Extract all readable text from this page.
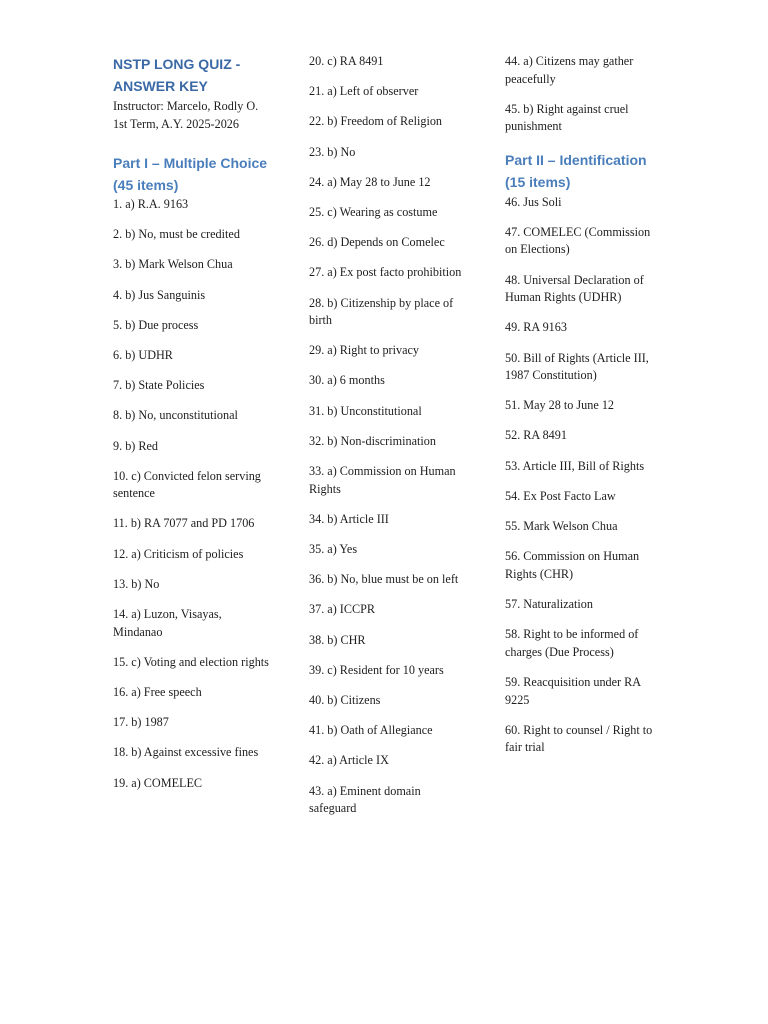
NSTP LONG QUIZ - ANSWER KEY

Instructor: Marcelo, Rodly O.

1st Term, A.Y. 2025-2026

Part I – Multiple Choice (45 items)
1. a) R.A. 9163
2. b) No, must be credited
3. b) Mark Welson Chua
4. b) Jus Sanguinis
5. b) Due process
6. b) UDHR
7. b) State Policies
8. b) No, unconstitutional
9. b) Red
10. c) Convicted felon serving sentence
11. b) RA 7077 and PD 1706
12. a) Criticism of policies
13. b) No
14. a) Luzon, Visayas, Mindanao
15. c) Voting and election rights
16. a) Free speech
17. b) 1987
18. b) Against excessive fines
19. a) COMELEC
20. c) RA 8491
21. a) Left of observer
22. b) Freedom of Religion
23. b) No
24. a) May 28 to June 12
25. c) Wearing as costume
26. d) Depends on Comelec
27. a) Ex post facto prohibition
28. b) Citizenship by place of birth
29. a) Right to privacy
30. a) 6 months
31. b) Unconstitutional
32. b) Non-discrimination
33. a) Commission on Human Rights
34. b) Article III
35. a) Yes
36. b) No, blue must be on left
37. a) ICCPR
38. b) CHR
39. c) Resident for 10 years
40. b) Citizens
41. b) Oath of Allegiance
42. a) Article IX
43. a) Eminent domain safeguard
44. a) Citizens may gather peacefully
45. b) Right against cruel punishment
Part II – Identification (15 items)
46. Jus Soli
47. COMELEC (Commission on Elections)
48. Universal Declaration of Human Rights (UDHR)
49. RA 9163
50. Bill of Rights (Article III, 1987 Constitution)
51. May 28 to June 12
52. RA 8491
53. Article III, Bill of Rights
54. Ex Post Facto Law
55. Mark Welson Chua
56. Commission on Human Rights (CHR)
57. Naturalization
58. Right to be informed of charges (Due Process)
59. Reacquisition under RA 9225
60. Right to counsel / Right to fair trial
